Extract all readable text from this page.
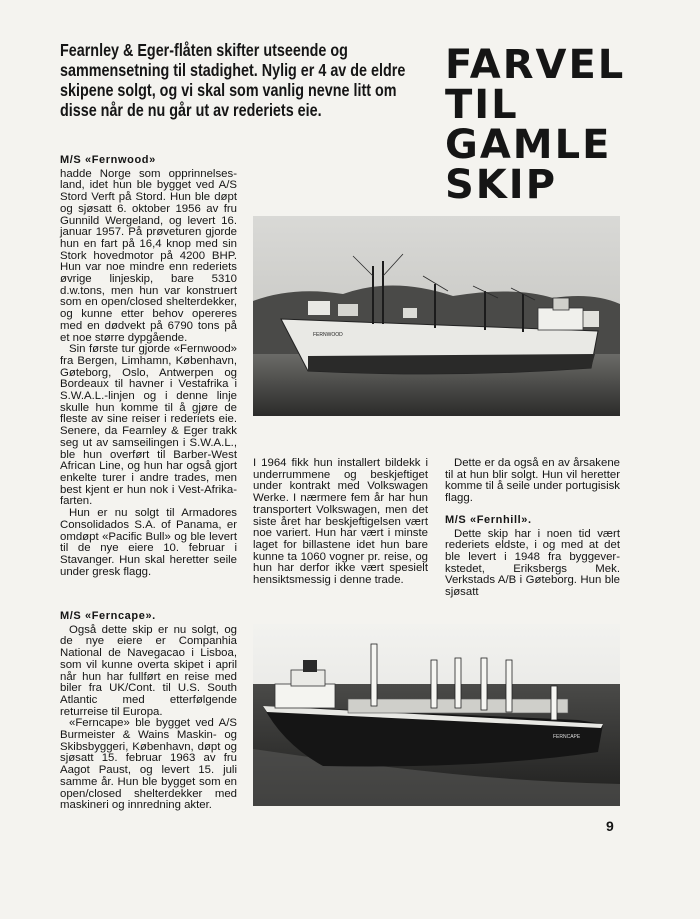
Fearnley & Eger-flåten skifter utseende og sammensetning til stadighet. Nylig er 4 av de eldre skipene solgt, og vi skal som vanlig nevne litt om disse når de nu går ut av rederiets eie.
FARVEL
TIL
GAMLE
SKIP
M/S «Fernwood»

hadde Norge som opprinnelsesland, idet hun ble bygget ved A/S Stord Verft på Stord. Hun ble døpt og sjøsatt 6. oktober 1956 av fru Gunnild Wergeland, og levert 16. januar 1957. På prøveturen gjorde hun en fart på 16,4 knop med sin Stork hovedmotor på 4200 BHP. Hun var noe mindre enn rederiets øvrige linjeskip, bare 5310 d.w.tons, men hun var konstruert som en open/closed shelterdekker, og kunne etter behov opereres med en dødvekt på 6790 tons på et noe større dypgående.

Sin første tur gjorde «Fernwood» fra Bergen, Limhamn, København, Gøteborg, Oslo, Antwerpen og Bordeaux til havner i Vestafrika i S.W.A.L.-linjen og i denne linje skulle hun komme til å gjøre de fleste av sine reiser i rederiets eie. Senere, da Fearnley & Eger trakk seg ut av samseilingen i S.W.A.L., ble hun overført til Barber-West African Line, og hun har også gjort enkelte turer i andre trades, men best kjent er hun nok i Vest-Afrikafarten.

Hun er nu solgt til Armadores Consolidados S.A. of Panama, er omdøpt «Pacific Bull» og ble levert til de nye eiere 10. februar i Stavanger. Hun skal heretter seile under gresk flagg.

FERNWOOD

I 1964 fikk hun installert bildekk i underrummene og beskjeftiget under kontrakt med Volkswagen Werke. I nærmere fem år har hun transportert Volkswagen, men det siste året har beskjeftigelsen vært noe variert. Hun har vært i minste laget for billastene idet hun bare kunne ta 1060 vogner pr. reise, og hun har derfor ikke vært spesielt hensiktsmessig i denne trade.

Dette er da også en av årsakene til at hun blir solgt. Hun vil heretter komme til å seile under portugisisk flagg.

M/S «Fernhill».

Dette skip har i noen tid vært rederiets eldste, i og med at det ble levert i 1948 fra byggeverkstedet, Eriksbergs Mek. Verkstads A/B i Gøteborg. Hun ble sjøsatt

M/S «Ferncape».

Også dette skip er nu solgt, og de nye eiere er Companhia National de Navegacao i Lisboa, som vil kunne overta skipet i april når hun har fullført en reise med biler fra UK/Cont. til U.S. South Atlantic med etterfølgende returreise til Europa.

«Ferncape» ble bygget ved A/S Burmeister & Wains Maskin- og Skibsbyggeri, København, døpt og sjøsatt 15. februar 1963 av fru Aagot Paust, og levert 15. juli samme år. Hun ble bygget som en open/closed shelterdekker med maskineri og innredning akter.

FERNCAPE
9
